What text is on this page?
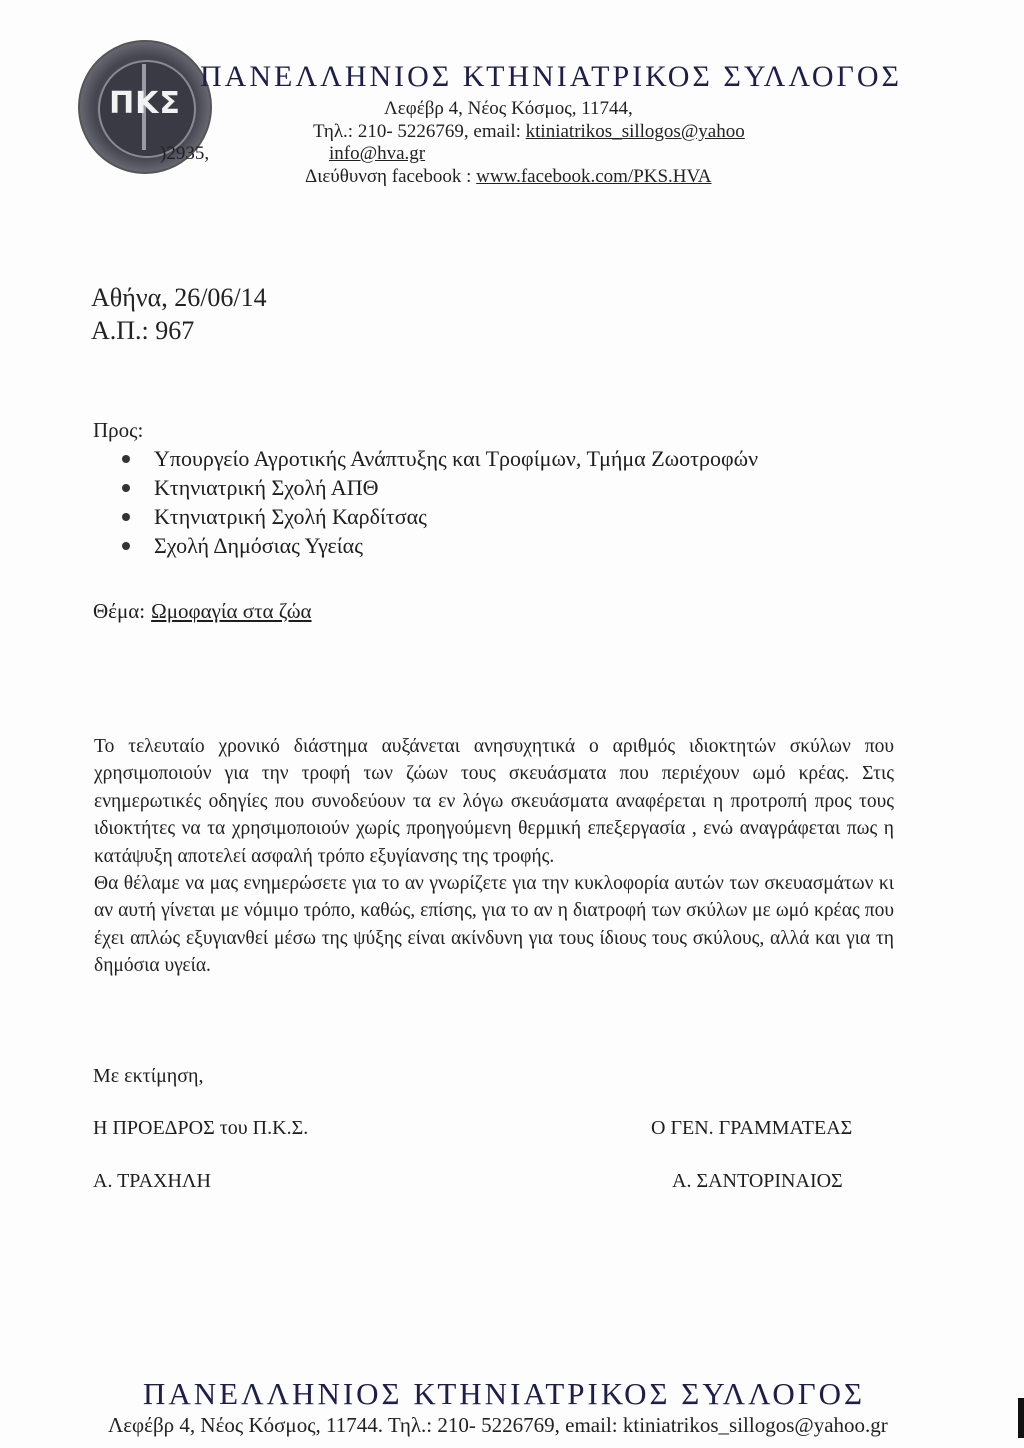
ΠΚΣ
ΠΑΝΕΛΛΗΝΙΟΣ ΚΤΗΝΙΑΤΡΙΚΟΣ ΣΥΛΛΟΓΟΣ
Λεφέβρ 4, Νέος Κόσμος, 11744,
Τηλ.: 210- 5226769, email: ktiniatrikos_sillogos@yahoo
)2935,	info@hva.gr
Διεύθυνση facebook : www.facebook.com/PKS.HVA
Αθήνα, 26/06/14
Α.Π.: 967
Προς:
Υπουργείο Αγροτικής Ανάπτυξης και Τροφίμων, Τμήμα Ζωοτροφών
Κτηνιατρική Σχολή ΑΠΘ
Κτηνιατρική Σχολή Καρδίτσας
Σχολή Δημόσιας Υγείας
Θέμα: Ωμοφαγία στα ζώα

Το τελευταίο χρονικό διάστημα αυξάνεται ανησυχητικά ο αριθμός ιδιοκτητών σκύλων που χρησιμοποιούν για την τροφή των ζώων τους σκευάσματα που περιέχουν ωμό κρέας. Στις ενημερωτικές οδηγίες που συνοδεύουν τα εν λόγω σκευάσματα αναφέρεται η προτροπή προς τους ιδιοκτήτες να τα χρησιμοποιούν χωρίς προηγούμενη θερμική επεξεργασία , ενώ αναγράφεται πως η κατάψυξη αποτελεί ασφαλή τρόπο εξυγίανσης της τροφής.

Θα θέλαμε να μας ενημερώσετε για το αν γνωρίζετε για την κυκλοφορία αυτών των σκευασμάτων κι αν αυτή γίνεται με νόμιμο τρόπο, καθώς, επίσης, για το αν η διατροφή των σκύλων με ωμό κρέας που έχει απλώς εξυγιανθεί μέσω της ψύξης είναι ακίνδυνη για τους ίδιους τους σκύλους, αλλά και για τη δημόσια υγεία.

Με εκτίμηση,
Η ΠΡΟΕΔΡΟΣ του Π.Κ.Σ.
Α. ΤΡΑΧΗΛΗ
Ο ΓΕΝ. ΓΡΑΜΜΑΤΕΑΣ
Α. ΣΑΝΤΟΡΙΝΑΙΟΣ
ΠΑΝΕΛΛΗΝΙΟΣ ΚΤΗΝΙΑΤΡΙΚΟΣ ΣΥΛΛΟΓΟΣ
Λεφέβρ 4, Νέος Κόσμος, 11744. Τηλ.: 210- 5226769, email: ktiniatrikos_sillogos@yahoo.gr
